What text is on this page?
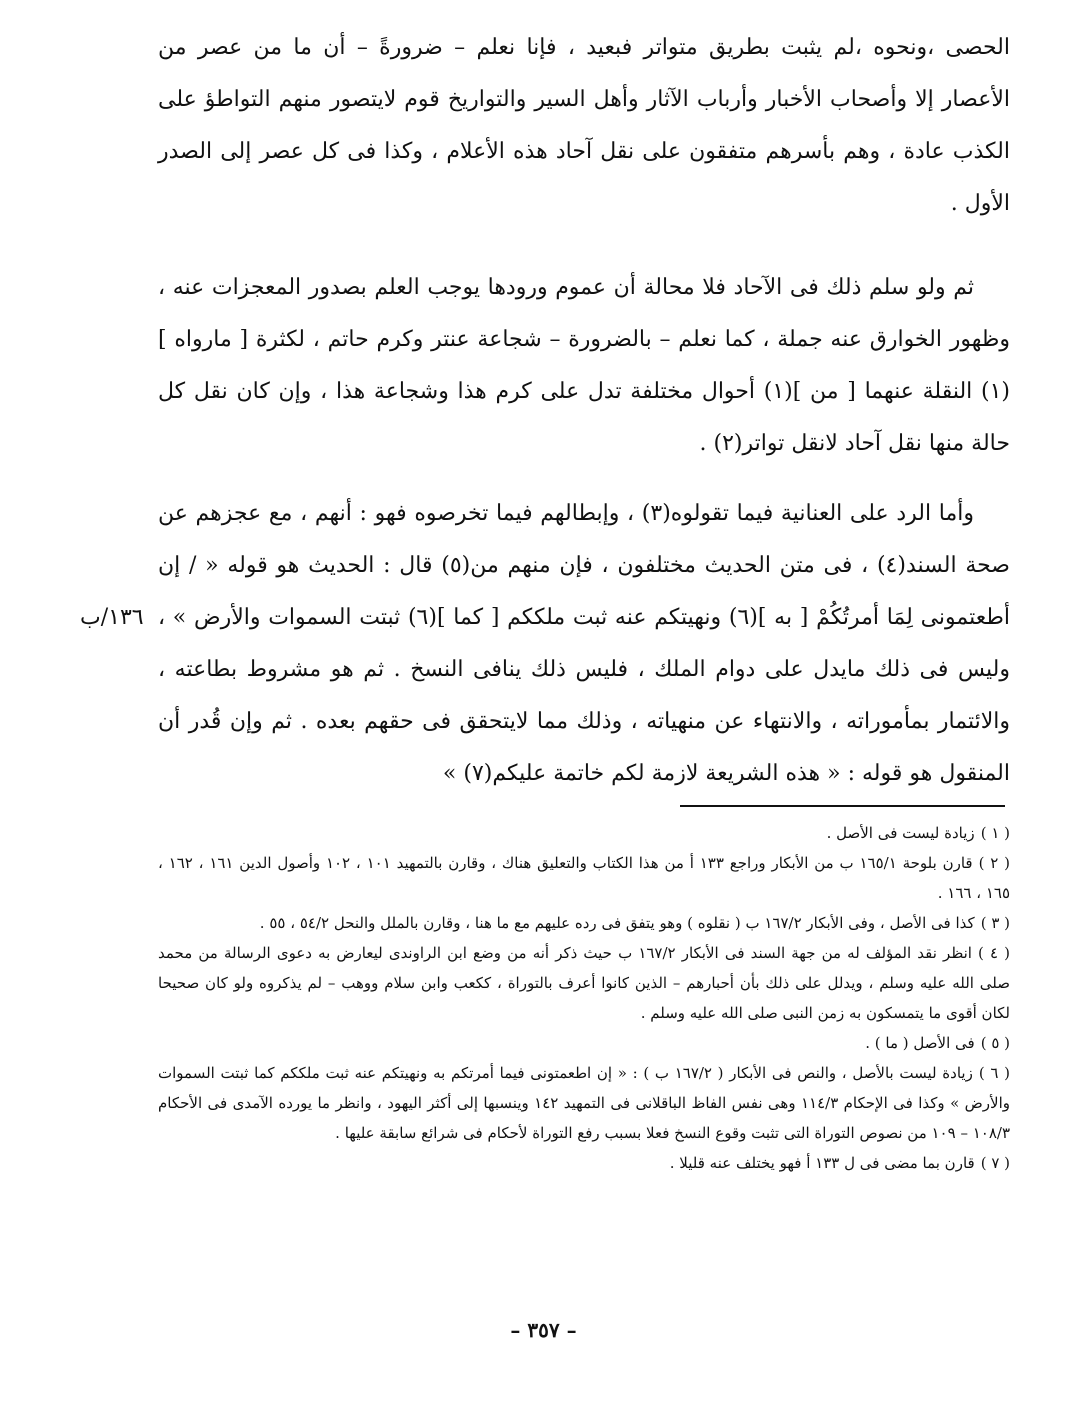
الحصى ،ونحوه ،لم يثبت بطريق متواتر فبعيد ، فإنا نعلم – ضرورةً – أن ما من عصر من الأعصار إلا وأصحاب الأخبار وأرباب الآثار وأهل السير والتواريخ قوم لايتصور منهم التواطؤ على الكذب عادة ، وهم بأسرهم متفقون على نقل آحاد هذه الأعلام ، وكذا فى كل عصر إلى الصدر الأول .

ثم ولو سلم ذلك فى الآحاد فلا محالة أن عموم ورودها يوجب العلم بصدور المعجزات عنه ، وظهور الخوارق عنه جملة ، كما نعلم – بالضرورة – شجاعة عنتر وكرم حاتم ، لكثرة [ ماروا‌ه ](١) النقلة عنهما [ من ](١) أحوال مختلفة تدل على كرم هذا وشجاعة هذا ، وإن كان نقل كل حالة منها نقل آحاد لانقل تواتر(٢) .

وأما الرد على العنانية فيما تقولوه(٣) ، وإبطالهم فيما تخرصوه فهو : أنهم ، مع عجزهم عن صحة السند(٤) ، فى متن الحديث مختلفون ، فإن منهم من(٥) قال : الحديث هو قوله « / إن أطعتمونى لِمَا أمرتُكُمْ [ به ](٦) ونهيتكم عنه ثبت ملككم [ كما ](٦) ثبتت السموات والأرض » ، وليس فى ذلك مايدل على دوام الملك ، فليس ذلك ينافى النسخ . ثم هو مشروط بطاعته ، والائتمار بمأموراته ، والانتهاء عن منهياته ، وذلك مما لايتحقق فى حقهم بعده . ثم وإن قُدر أن المنقول هو قوله : « هذه الشريعة لازمة لكم خاتمة عليكم(٧) »

١٣٦/ب

( ١ )زيادة ليست فى الأصل .

( ٢ )قارن بلوحة ١٦٥/١ ب من الأبكار وراجع ١٣٣ أ من هذا الكتاب والتعليق هناك ، وقارن بالتمهيد ١٠١ ، ١٠٢ وأصول الدين ١٦١ ، ١٦٢ ، ١٦٥ ، ١٦٦ .

( ٣ )كذا فى الأصل ، وفى الأبكار ١٦٧/٢ ب ( نقلوه ) وهو يتفق فى رده عليهم مع ما هنا ، وقارن بالملل والنحل ٥٤/٢ ، ٥٥ .

( ٤ )انظر نقد المؤلف له من جهة السند فى الأبكار ١٦٧/٢ ب حيث ذكر أنه من وضع ابن الراوندى ليعارض به دعوى الرسالة من محمد صلى الله عليه وسلم ، ويدلل على ذلك بأن أحبارهم – الذين كانوا أعرف بالتوراة ، ككعب وابن سلام ووهب – لم يذكروه ولو كان صحيحا لكان أقوى ما يتمسكون به زمن النبى صلى الله عليه وسلم .

( ٥ )فى الأصل ( ما ) .

( ٦ )زيادة ليست بالأصل ، والنص فى الأبكار ( ١٦٧/٢ ب ) : « إن اطعمتونى فيما أمرتكم به ونهيتكم عنه ثبت ملككم كما ثبتت السموات والأرض » وكذا فى الإحكام ١١٤/٣ وهى نفس الفاظ الباقلانى فى التمهيد ١٤٢ وينسبها إلى أكثر اليهود ، وانظر ما يورده الآمدى فى الأحكام ١٠٨/٣ – ١٠٩ من نصوص التوراة التى تثبت وقوع النسخ فعلا بسبب رفع التوراة لأحكام فى شرائع سابقة عليها .

( ٧ )قارن بما مضى فى ل ١٣٣ أ فهو يختلف عنه قليلا .

– ٣٥٧ –
